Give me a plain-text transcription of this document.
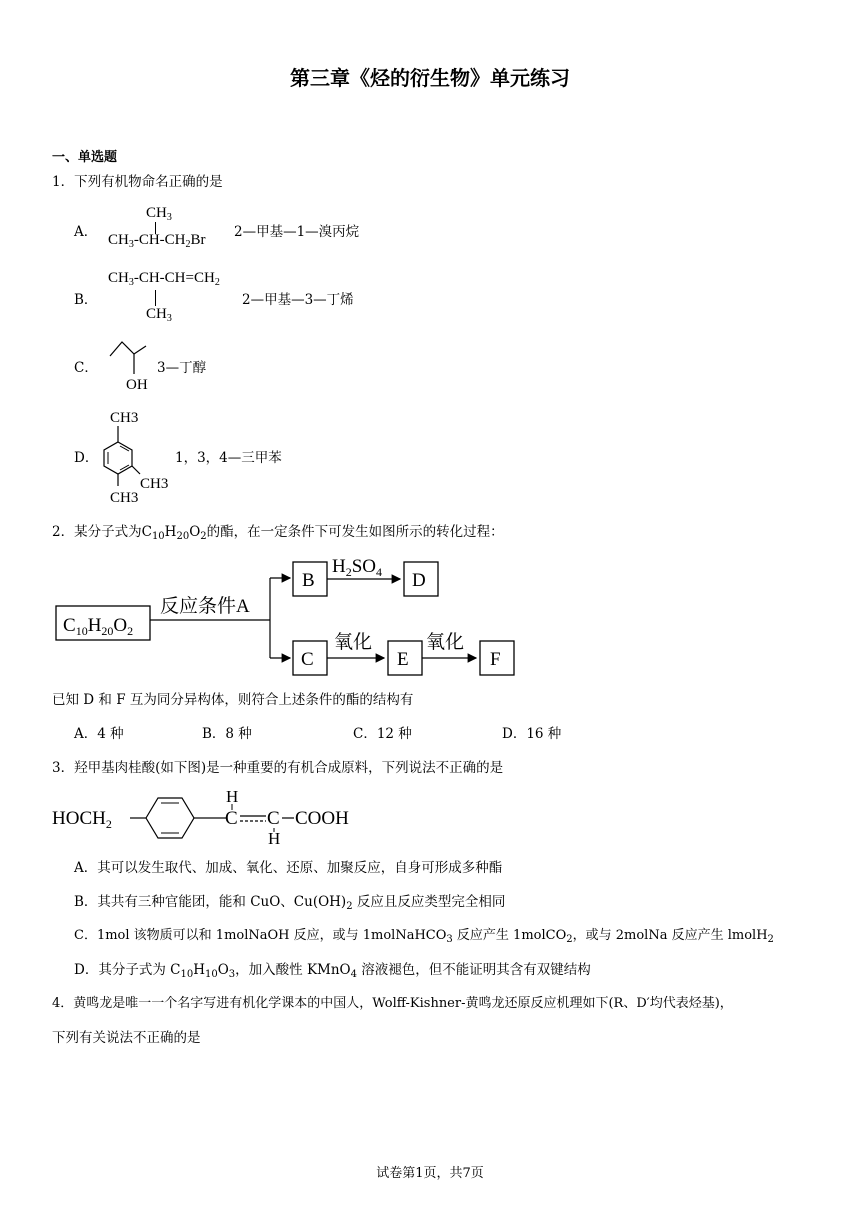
第三章《烃的衍生物》单元练习
一、单选题
1．下列有机物命名正确的是
A．
$CH_3$
$CH_3-CH-CH_2Br$ 2—甲基—1—溴丙烷
B．
$CH_3-CH-CH=CH_2$
$CH_3$
2—甲基—3—丁烯
C．
OH
3—丁醇
D．
CH3
CH3
CH3
1，3，4—三甲苯
2．某分子式为$C_{10}H_{20}O_2$的酯，在一定条件下可发生如图所示的转化过程：
$C_{10}H_{20}O_2$
反应条件A
B
$H_2SO_4$ D
C
氧化
E
氧化
F
已知 D 和 F 互为同分异构体，则符合上述条件的酯的结构有
A．4 种	B．8 种	C．12 种	D．16 种
3．羟甲基肉桂酸(如下图)是一种重要的有机合成原料，下列说法不正确的是
$HOCH_2$
H
C C
H
COOH
A．其可以发生取代、加成、氧化、还原、加聚反应，自身可形成多种酯
B．其共有三种官能团，能和 CuO、$Cu(OH)_2$ 反应且反应类型完全相同
C．1mol 该物质可以和 1molNaOH 反应，或与 1molNaHCO$_3$ 反应产生 1molCO$_2$，或与 2molNa 反应产生 lmolH$_2$
D．其分子式为 $C_{10}H_{10}O_3$，加入酸性 KMnO$_4$ 溶液褪色，但不能证明其含有双键结构
4．黄鸣龙是唯一一个名字写进有机化学课本的中国人，Wolff-Kishner-黄鸣龙还原反应机理如下(R、D′均代表烃基)，
下列有关说法不正确的是
试卷第1页，共7页
